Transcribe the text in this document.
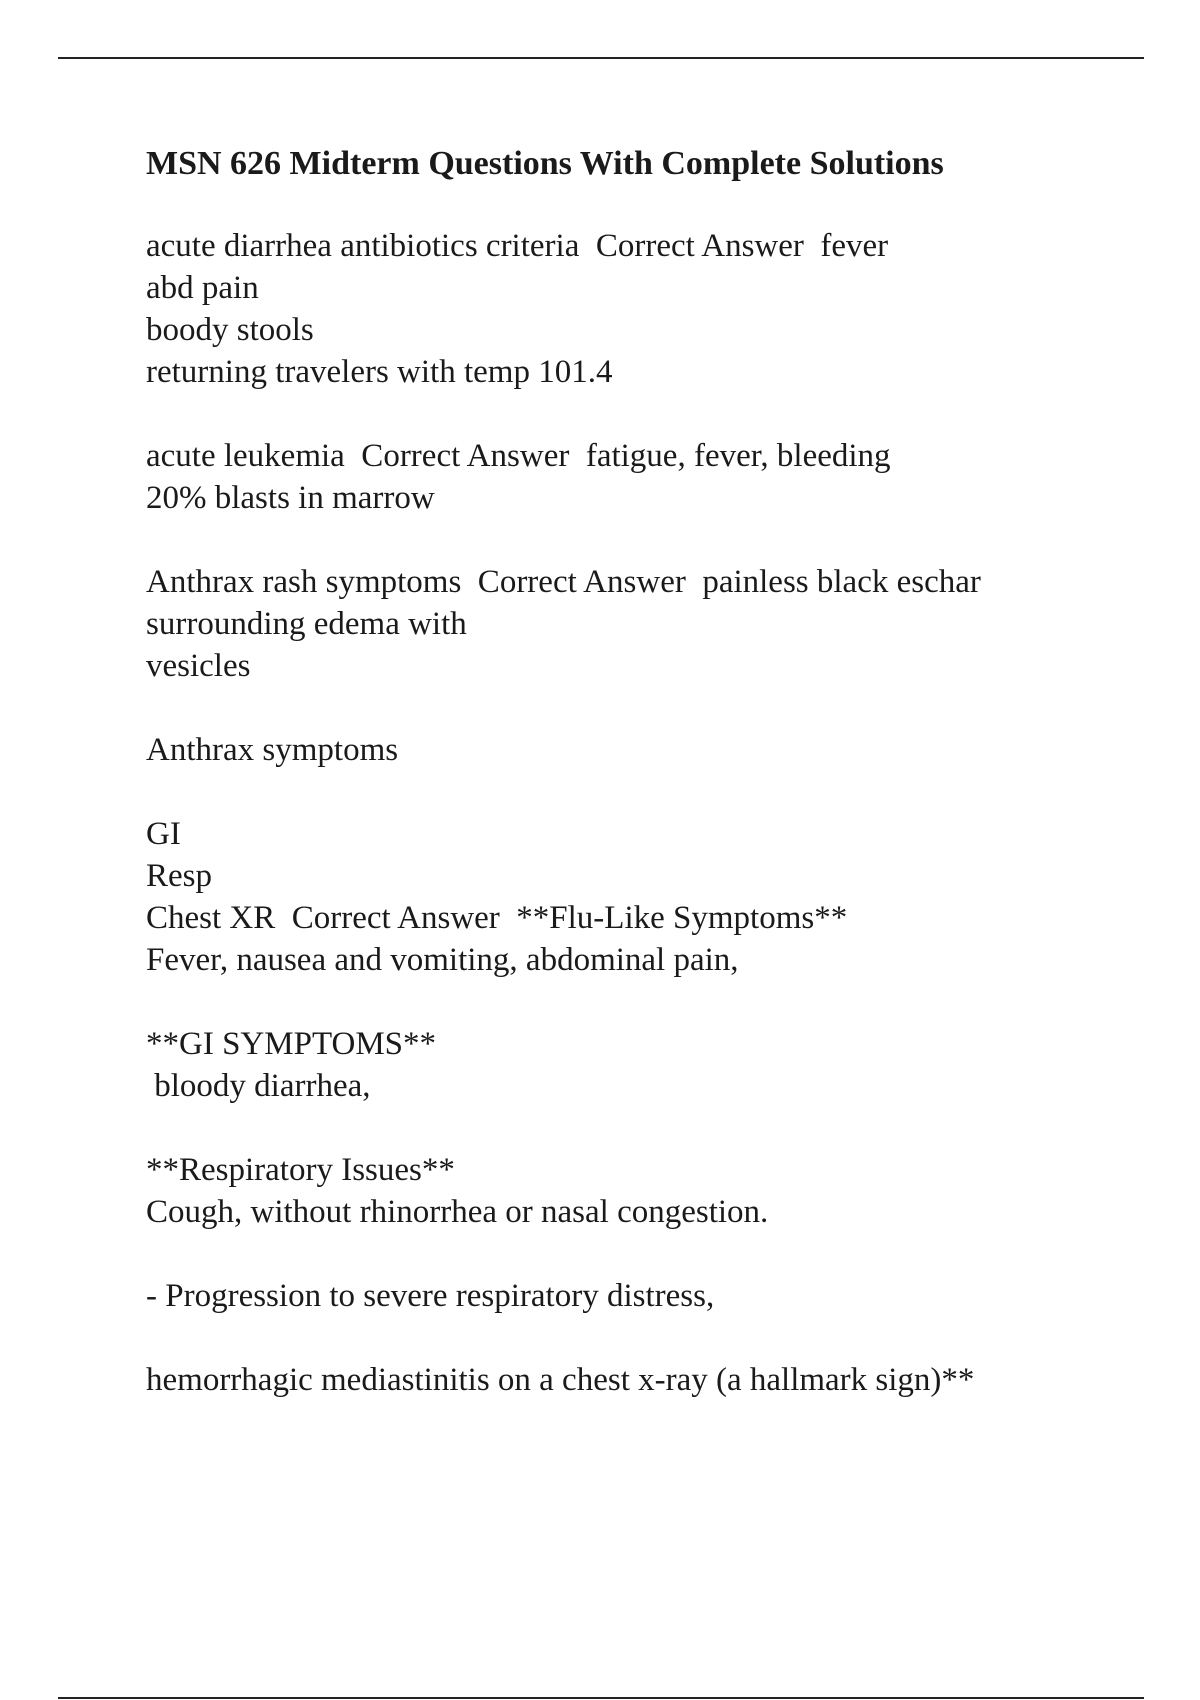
MSN 626 Midterm Questions With Complete Solutions
acute diarrhea antibiotics criteria  Correct Answer  fever
abd pain
boody stools
returning travelers with temp 101.4
acute leukemia  Correct Answer  fatigue, fever, bleeding
20% blasts in marrow
Anthrax rash symptoms  Correct Answer  painless black eschar
surrounding edema with
vesicles
Anthrax symptoms
GI
Resp
Chest XR  Correct Answer  **Flu-Like Symptoms**
Fever, nausea and vomiting, abdominal pain,
**GI SYMPTOMS**
bloody diarrhea,
**Respiratory Issues**
Cough, without rhinorrhea or nasal congestion.
- Progression to severe respiratory distress,
hemorrhagic mediastinitis on a chest x-ray (a hallmark sign)**
